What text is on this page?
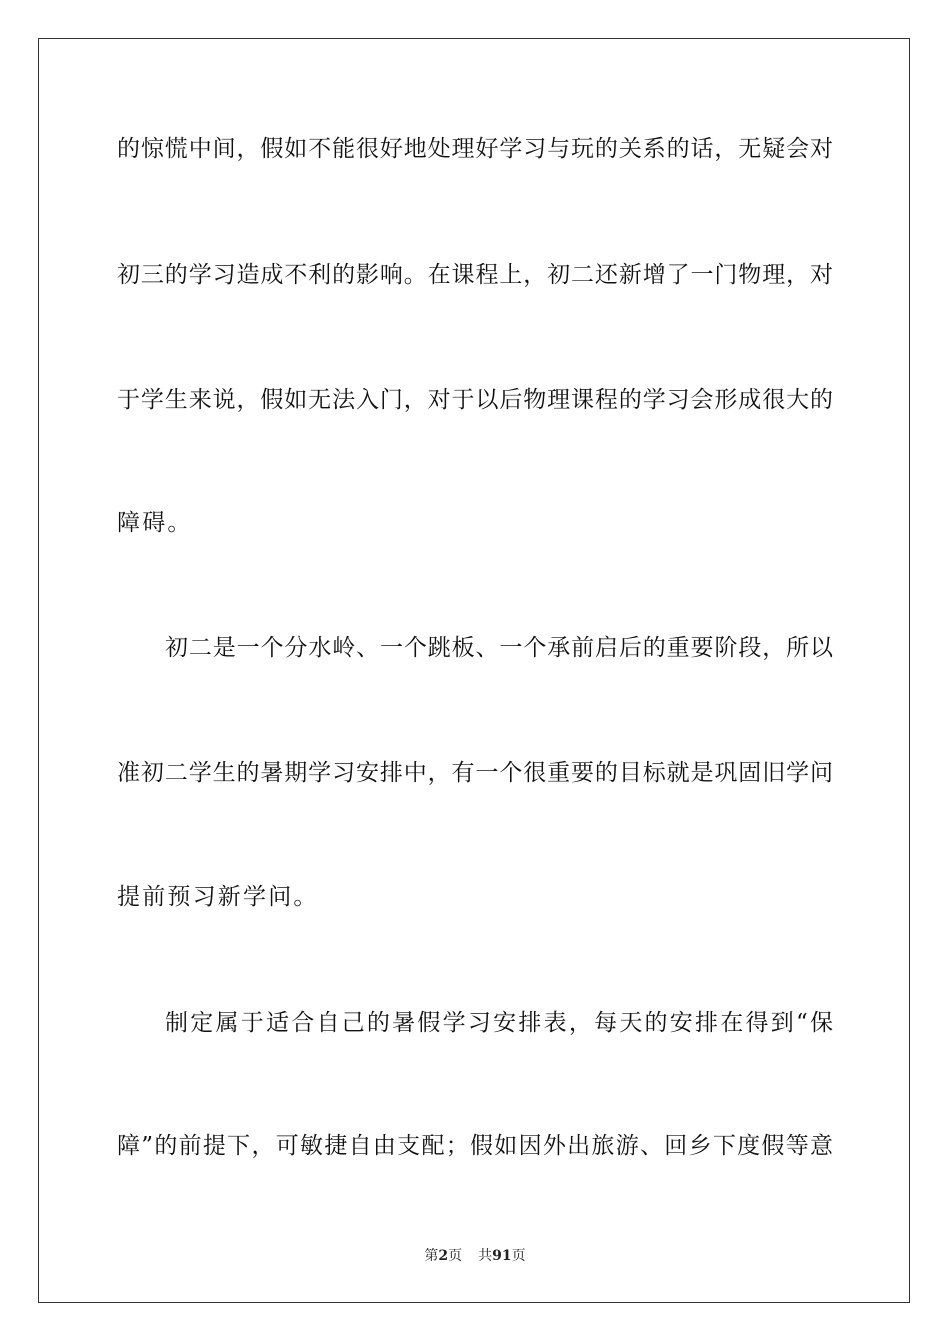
的惊慌中间，假如不能很好地处理好学习与玩的关系的话，无疑会对
初三的学习造成不利的影响。在课程上，初二还新增了一门物理，对
于学生来说，假如无法入门，对于以后物理课程的学习会形成很大的
障碍。
初二是一个分水岭、一个跳板、一个承前启后的重要阶段，所以
准初二学生的暑期学习安排中，有一个很重要的目标就是巩固旧学问
提前预习新学问。
制定属于适合自己的暑假学习安排表，每天的安排在得到“保
障”的前提下，可敏捷自由支配；假如因外出旅游、回乡下度假等意
第2页 共91页
